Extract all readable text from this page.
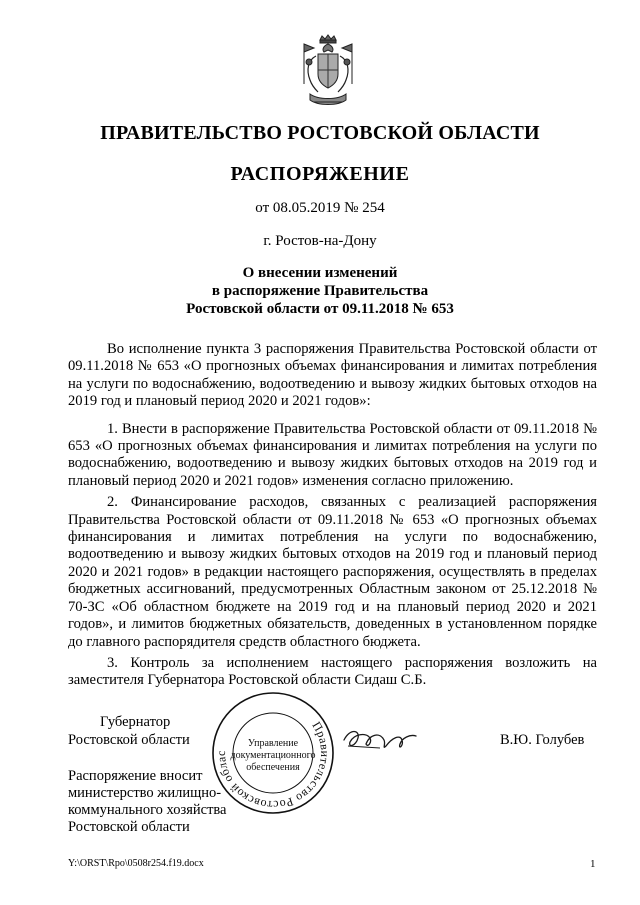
ПРАВИТЕЛЬСТВО РОСТОВСКОЙ ОБЛАСТИ
РАСПОРЯЖЕНИЕ
от 08.05.2019 № 254
г. Ростов-на-Дону
О внесении изменений
в распоряжение Правительства
Ростовской области от 09.11.2018 № 653

Во исполнение пункта 3 распоряжения Правительства Ростовской области от 09.11.2018 № 653 «О прогнозных объемах финансирования и лимитах потребления на услуги по водоснабжению, водоотведению и вывозу жидких бытовых отходов на 2019 год и плановый период 2020 и 2021 годов»:

1. Внести в распоряжение Правительства Ростовской области от 09.11.2018 № 653 «О прогнозных объемах финансирования и лимитах потребления на услуги по водоснабжению, водоотведению и вывозу жидких бытовых отходов на 2019 год и плановый период 2020 и 2021 годов» изменения согласно приложению.

2. Финансирование расходов, связанных с реализацией распоряжения Правительства Ростовской области от 09.11.2018 № 653 «О прогнозных объемах финансирования и лимитах потребления на услуги по водоснабжению, водоотведению и вывозу жидких бытовых отходов на 2019 год и плановый период 2020 и 2021 годов» в редакции настоящего распоряжения, осуществлять в пределах бюджетных ассигнований, предусмотренных Областным законом от 25.12.2018 № 70-ЗС «Об областном бюджете на 2019 год и на плановый период 2020 и 2021 годов», и лимитов бюджетных обязательств, доведенных в установленном порядке до главного распорядителя средств областного бюджета.

3. Контроль за исполнением настоящего распоряжения возложить на заместителя Губернатора Ростовской области Сидаш С.Б.

Губернатор
Ростовской области	В.Ю. Голубев
Правительство Ростовской облас
Управление
документационного
обеспечения
Распоряжение вносит
министерство жилищно-
коммунального хозяйства
Ростовской области
Y:\ORST\Rpo\0508r254.f19.docx	1
